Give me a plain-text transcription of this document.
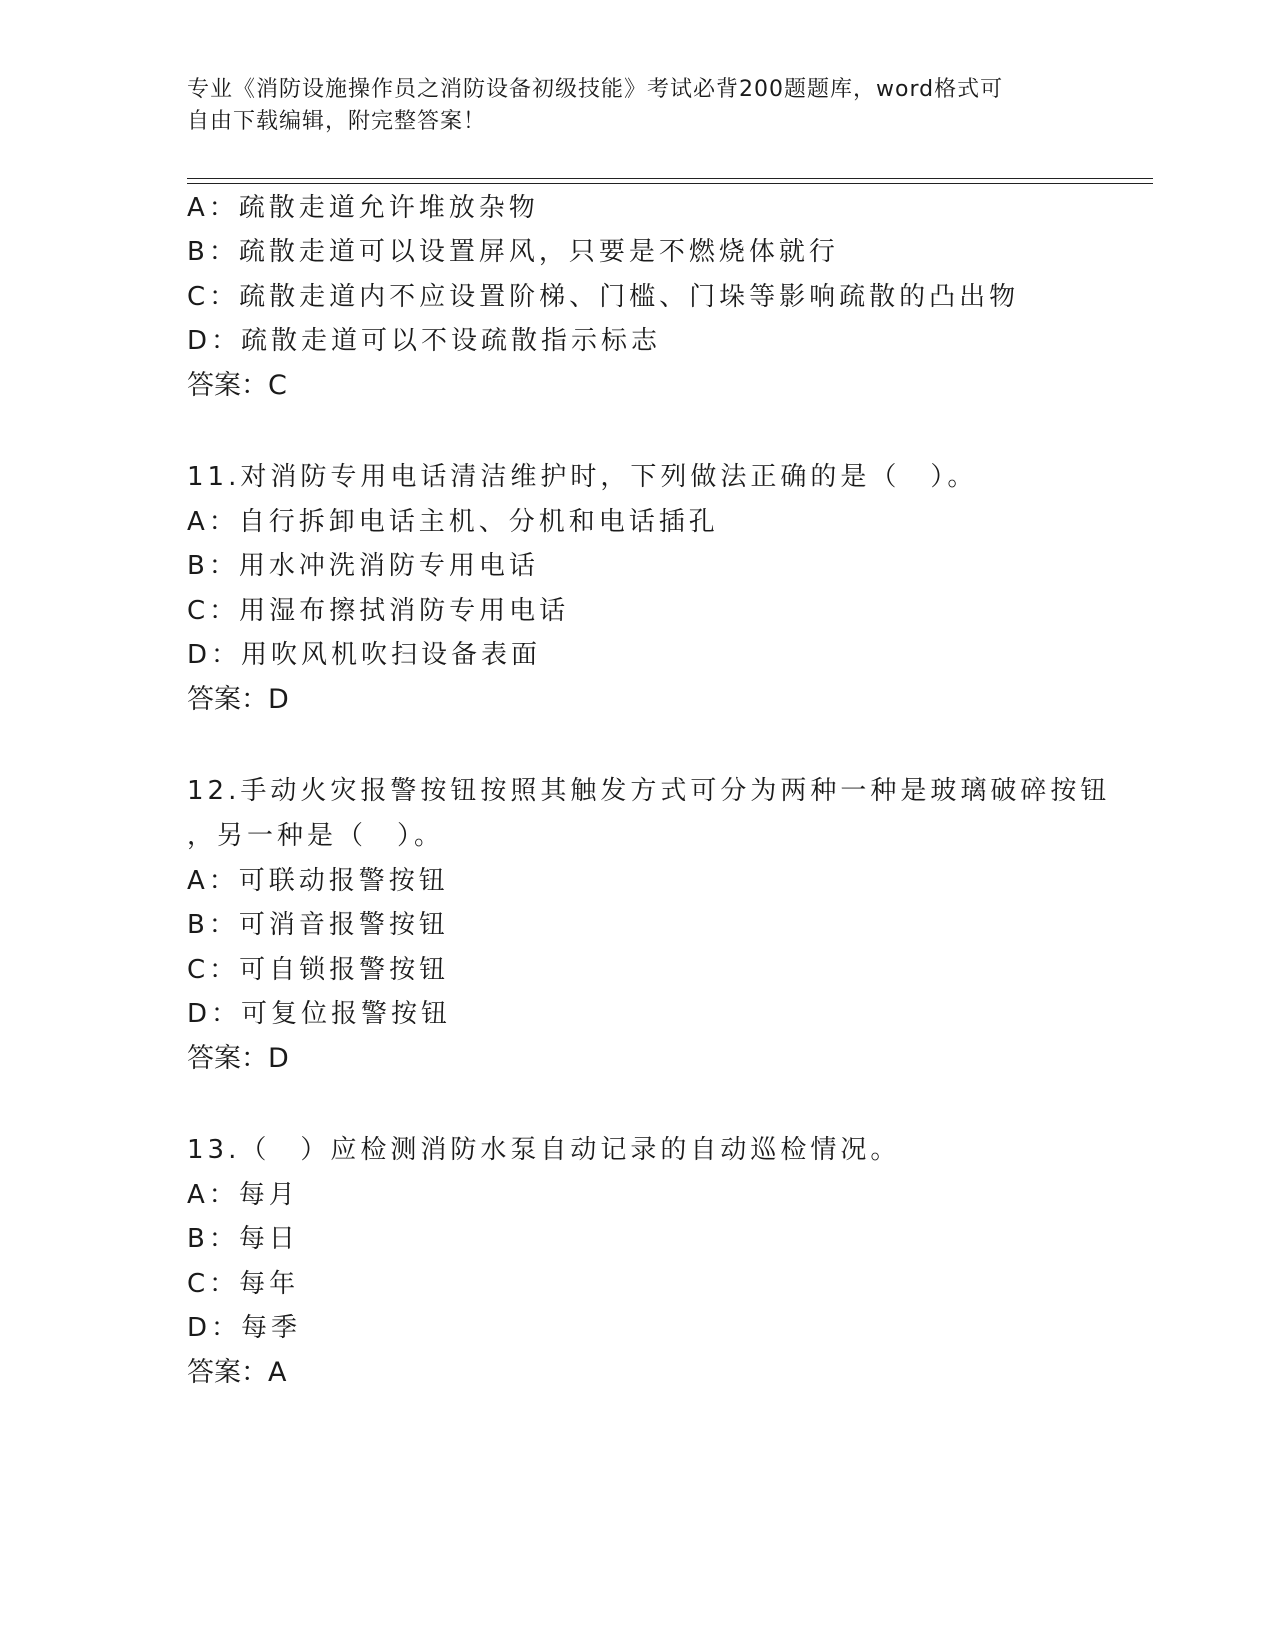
专业《消防设施操作员之消防设备初级技能》考试必背200题题库，word格式可
自由下载编辑，附完整答案！
A：疏散走道允许堆放杂物
B：疏散走道可以设置屏风，只要是不燃烧体就行
C：疏散走道内不应设置阶梯、门槛、门垛等影响疏散的凸出物
D：疏散走道可以不设疏散指示标志
答案：C
11.对消防专用电话清洁维护时，下列做法正确的是（　）。
A：自行拆卸电话主机、分机和电话插孔
B：用水冲洗消防专用电话
C：用湿布擦拭消防专用电话
D：用吹风机吹扫设备表面
答案：D
12.手动火灾报警按钮按照其触发方式可分为两种一种是玻璃破碎按钮
，另一种是（　）。
A：可联动报警按钮
B：可消音报警按钮
C：可自锁报警按钮
D：可复位报警按钮
答案：D
13.（　）应检测消防水泵自动记录的自动巡检情况。
A：每月
B：每日
C：每年
D：每季
答案：A
